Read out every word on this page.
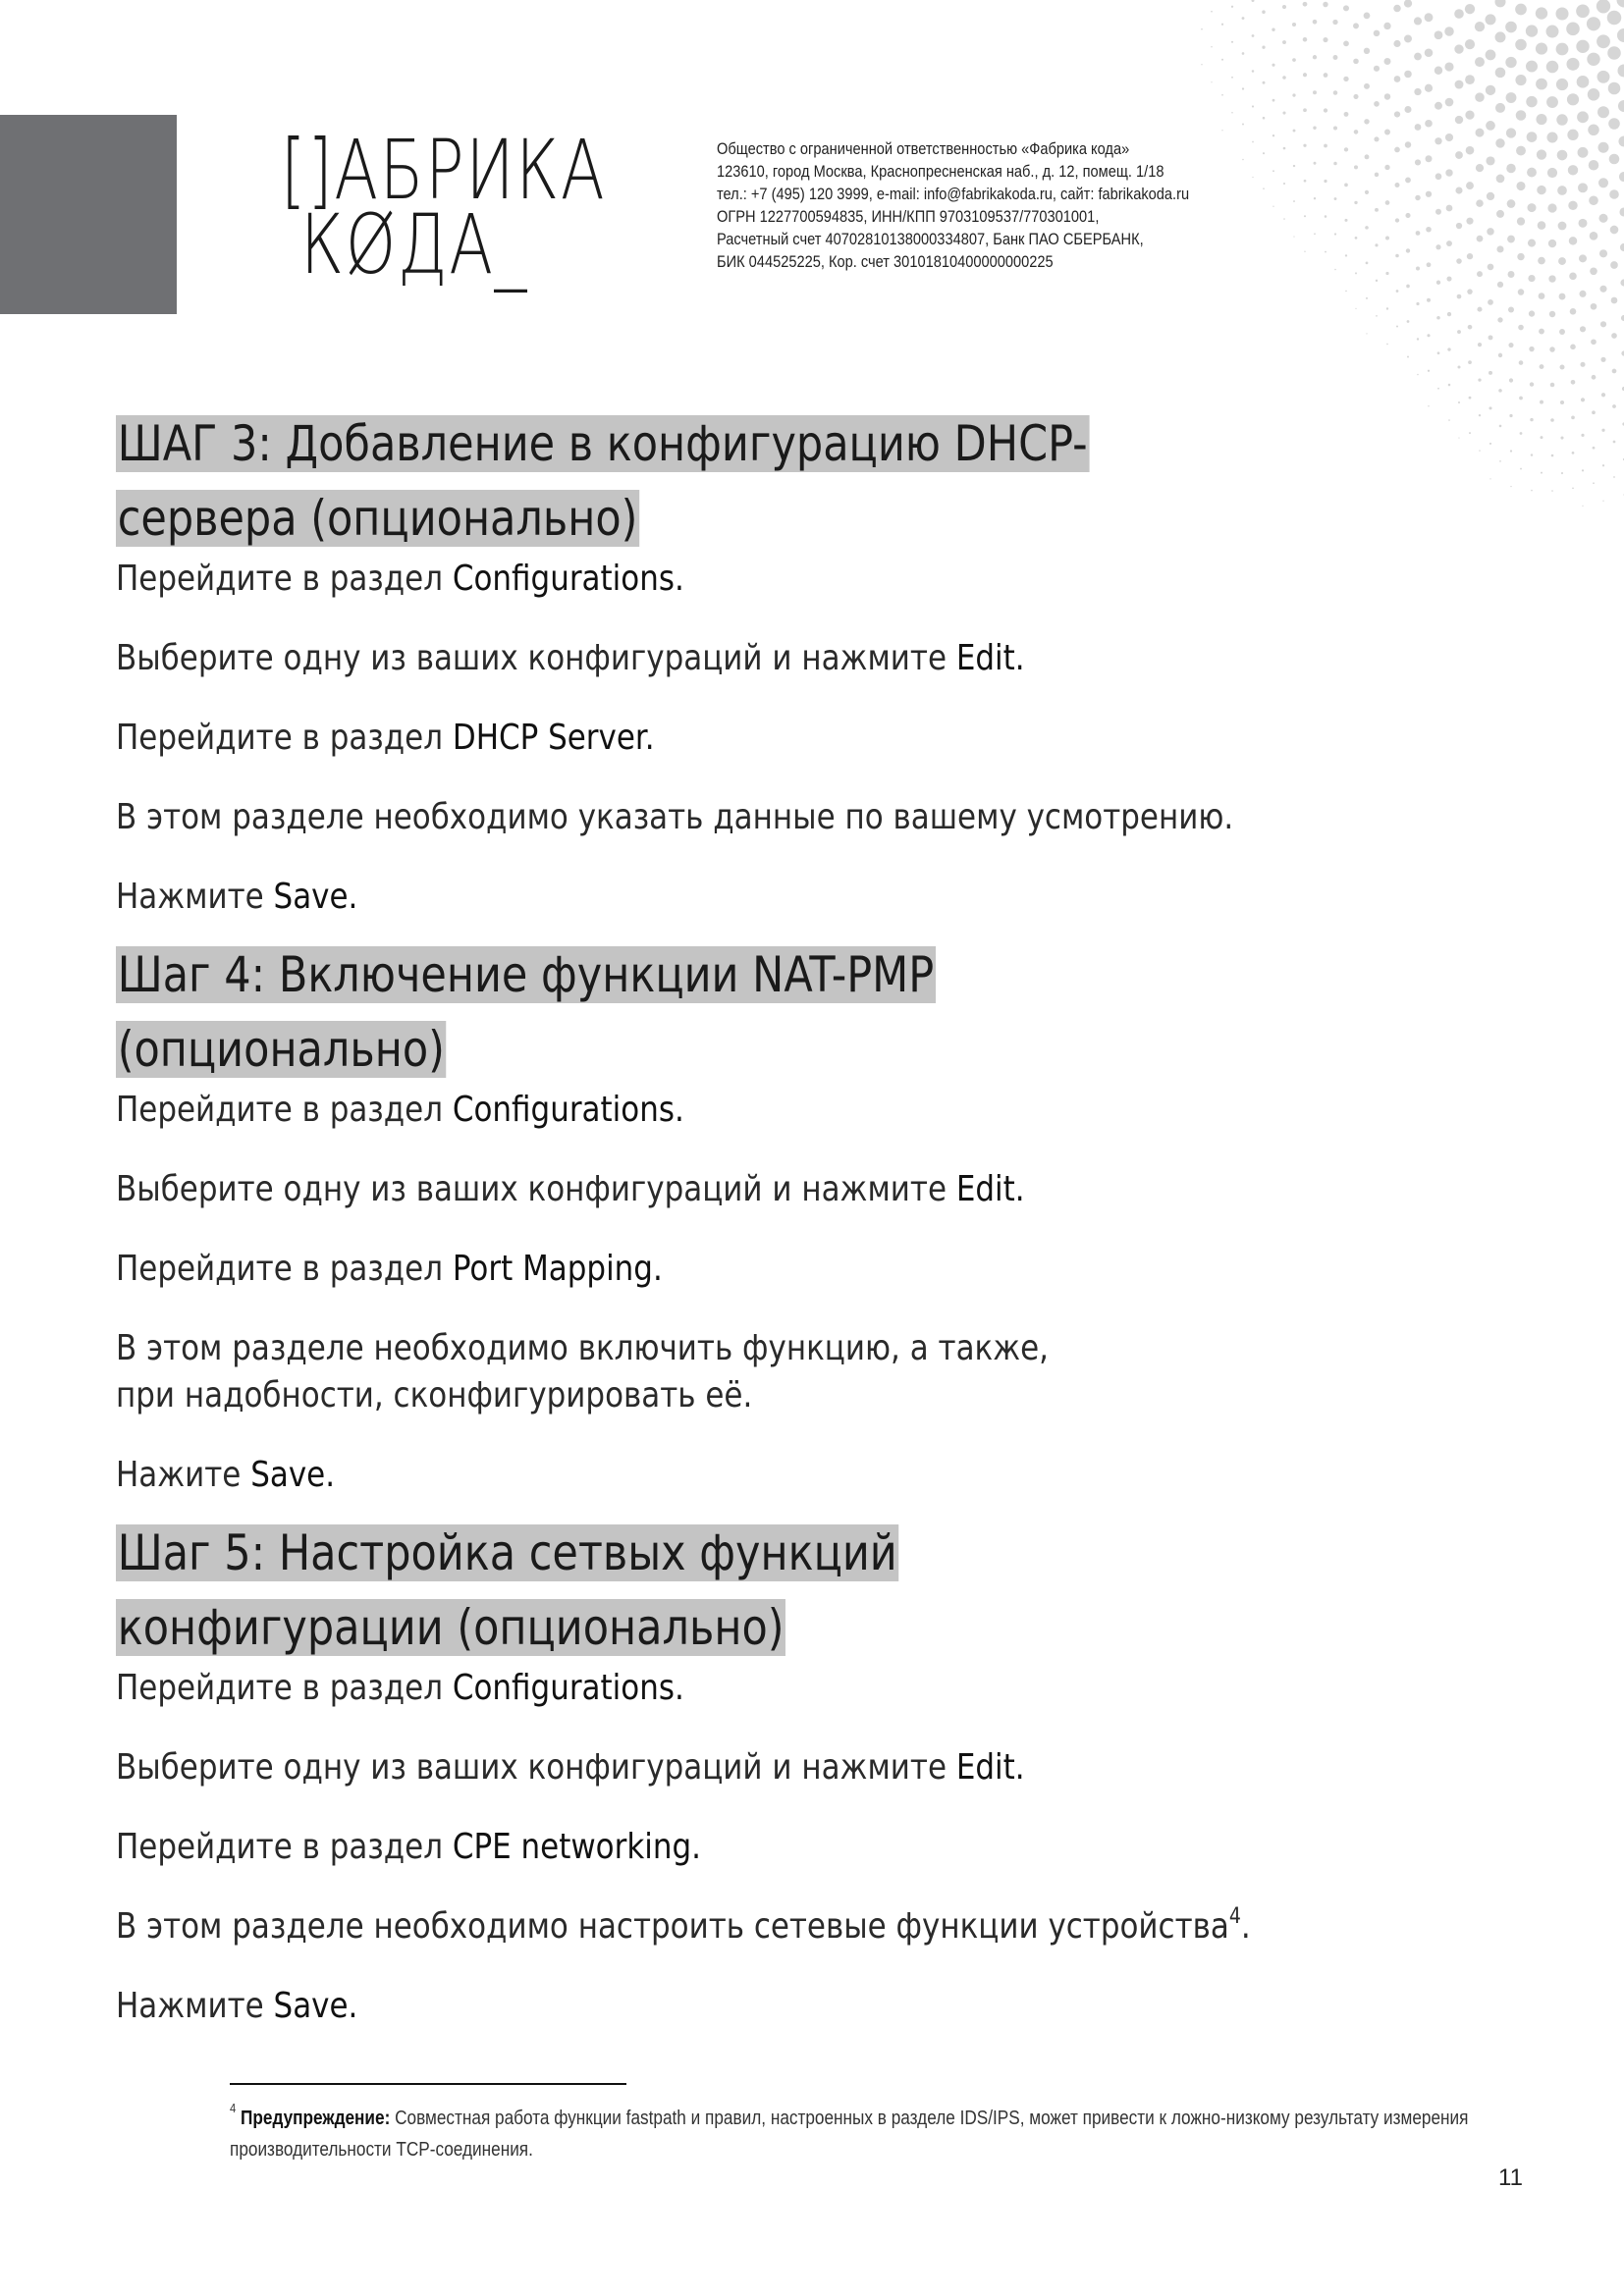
[]АБРИКА
КØДА_
Общество с ограниченной ответственностью «Фабрика кода»
123610, город Москва, Краснопресненская наб., д. 12, помещ. 1/18
тел.: +7 (495) 120 3999, e-mail: info@fabrikakoda.ru, сайт: fabrikakoda.ru
ОГРН 1227700594835, ИНН/КПП 9703109537/770301001,
Расчетный счет 40702810138000334807, Банк ПАО СБЕРБАНК,
БИК 044525225, Кор. счет 30101810400000000225
ШАГ 3: Добавление в конфигурацию DHCP-сервера (опционально)

Перейдите в раздел Configurations.

Выберите одну из ваших конфигураций и нажмите Edit.

Перейдите в раздел DHCP Server.

В этом разделе необходимо указать данные по вашему усмотрению.

Нажмите Save.

Шаг 4: Включение функции NAT-PMP (опционально)

Перейдите в раздел Configurations.

Выберите одну из ваших конфигураций и нажмите Edit.

Перейдите в раздел Port Mapping.

В этом разделе необходимо включить функцию, а также, при надобности, сконфигурировать её.

Нажите Save.

Шаг 5: Настройка сетвых функций конфигурации (опционально)

Перейдите в раздел Configurations.

Выберите одну из ваших конфигураций и нажмите Edit.

Перейдите в раздел CPE networking.

В этом разделе необходимо настроить сетевые функции устройства$^4$.

Нажмите Save.

$^4$ Предупреждение: Совместная работа функции fastpath и правил, настроенных в разделе IDS/IPS, может привести к ложно-низкому результату измерения производительности TCP-соединения.
11
